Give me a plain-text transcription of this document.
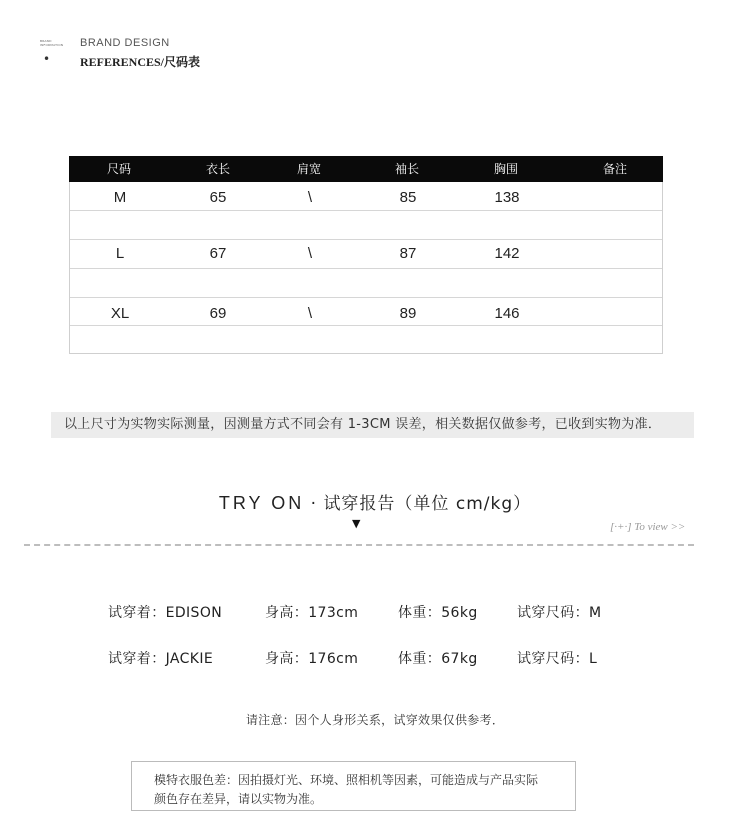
BRAND
INFORMATION
•
BRAND DESIGN
REFERENCES/尺码表
尺码	衣长	肩宽	袖长	胸围	备注
M	65	\	85	138
L	67	\	87	142
XL	69	\	89	146
以上尺寸为实物实际测量，因测量方式不同会有 1-3CM 误差，相关数据仅做参考，已收到实物为准．
TRY ON · 试穿报告（单位 cm/kg）
▼	[·+·] To view >>
试穿着：EDISON	身高：173cm	体重：56kg	试穿尺码：M
试穿着：JACKIE	身高：176cm	体重：67kg	试穿尺码：L
请注意：因个人身形关系，试穿效果仅供参考．

模特衣服色差：因拍摄灯光、环境、照相机等因素，可能造成与产品实际

颜色存在差异，请以实物为准。
